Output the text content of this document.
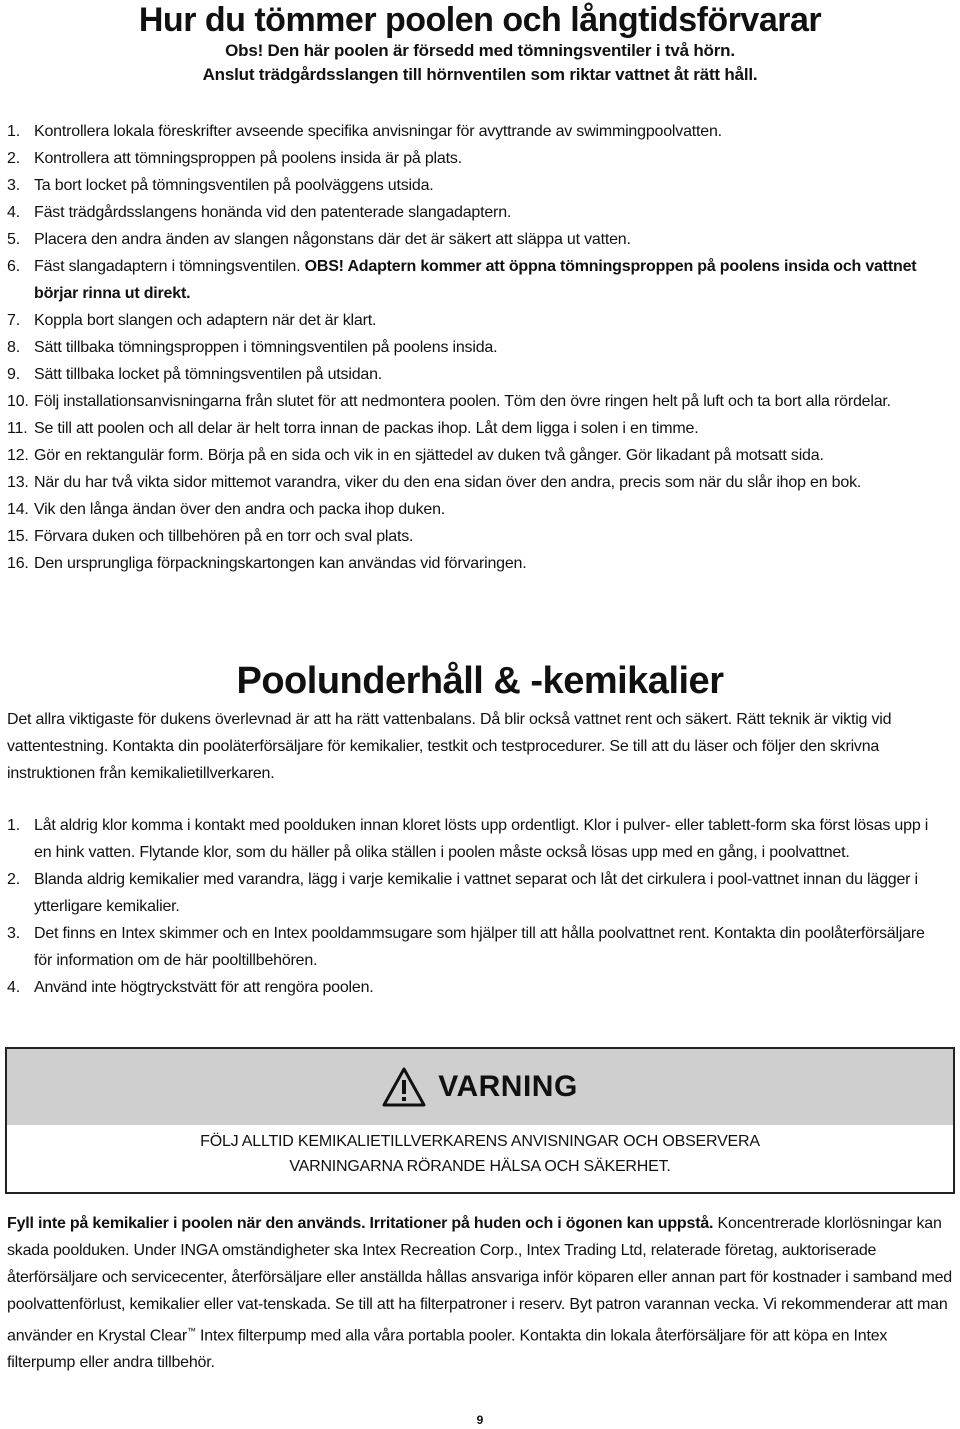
Hur du tömmer poolen och långtidsförvarar
Obs! Den här poolen är försedd med tömningsventiler i två hörn.
Anslut trädgårdsslangen till hörnventilen som riktar vattnet åt rätt håll.
1. Kontrollera lokala föreskrifter avseende specifika anvisningar för avyttrande av swimmingpoolvatten.
2. Kontrollera att tömningsproppen på poolens insida är på plats.
3. Ta bort locket på tömningsventilen på poolväggens utsida.
4. Fäst trädgårdsslangens honända vid den patenterade slangadaptern.
5. Placera den andra änden av slangen någonstans där det är säkert att släppa ut vatten.
6. Fäst slangadaptern i tömningsventilen. OBS! Adaptern kommer att öppna tömningsproppen på poolens insida och vattnet börjar rinna ut direkt.
7. Koppla bort slangen och adaptern när det är klart.
8. Sätt tillbaka tömningsproppen i tömningsventilen på poolens insida.
9. Sätt tillbaka locket på tömningsventilen på utsidan.
10. Följ installationsanvisningarna från slutet för att nedmontera poolen. Töm den övre ringen helt på luft och ta bort alla rördelar.
11. Se till att poolen och all delar är helt torra innan de packas ihop. Låt dem ligga i solen i en timme.
12. Gör en rektangulär form. Börja på en sida och vik in en sjättedel av duken två gånger. Gör likadant på motsatt sida.
13. När du har två vikta sidor mittemot varandra, viker du den ena sidan över den andra, precis som när du slår ihop en bok.
14. Vik den långa ändan över den andra och packa ihop duken.
15. Förvara duken och tillbehören på en torr och sval plats.
16. Den ursprungliga förpackningskartongen kan användas vid förvaringen.
Poolunderhåll & -kemikalier

Det allra viktigaste för dukens överlevnad är att ha rätt vattenbalans. Då blir också vattnet rent och säkert. Rätt teknik är viktig vid vattentestning. Kontakta din pooläterförsäljare för kemikalier, testkit och testprocedurer. Se till att du läser och följer den skrivna instruktionen från kemikalietillverkaren.

1. Låt aldrig klor komma i kontakt med poolduken innan kloret lösts upp ordentligt. Klor i pulver- eller tablett-form ska först lösas upp i en hink vatten. Flytande klor, som du häller på olika ställen i poolen måste också lösas upp med en gång, i poolvattnet.
2. Blanda aldrig kemikalier med varandra, lägg i varje kemikalie i vattnet separat och låt det cirkulera i pool-vattnet innan du lägger i ytterligare kemikalier.
3. Det finns en Intex skimmer och en Intex pooldammsugare som hjälper till att hålla poolvattnet rent. Kontakta din poolåterförsäljare för information om de här pooltillbehören.
4. Använd inte högtryckstvätt för att rengöra poolen.
VARNING
FÖLJ ALLTID KEMIKALIETILLVERKARENS ANVISNINGAR OCH OBSERVERA
VARNINGARNA RÖRANDE HÄLSA OCH SÄKERHET.

Fyll inte på kemikalier i poolen när den används. Irritationer på huden och i ögonen kan uppstå. Koncentrerade klorlösningar kan skada poolduken. Under INGA omständigheter ska Intex Recreation Corp., Intex Trading Ltd, relaterade företag, auktoriserade återförsäljare och servicecenter, återförsäljare eller anställda hållas ansvariga inför köparen eller annan part för kostnader i samband med poolvattenförlust, kemikalier eller vat-tenskada. Se till att ha filterpatroner i reserv. Byt patron varannan vecka. Vi rekommenderar att man använder en Krystal Clear™ Intex filterpump med alla våra portabla pooler. Kontakta din lokala återförsäljare för att köpa en Intex filterpump eller andra tillbehör.

9
